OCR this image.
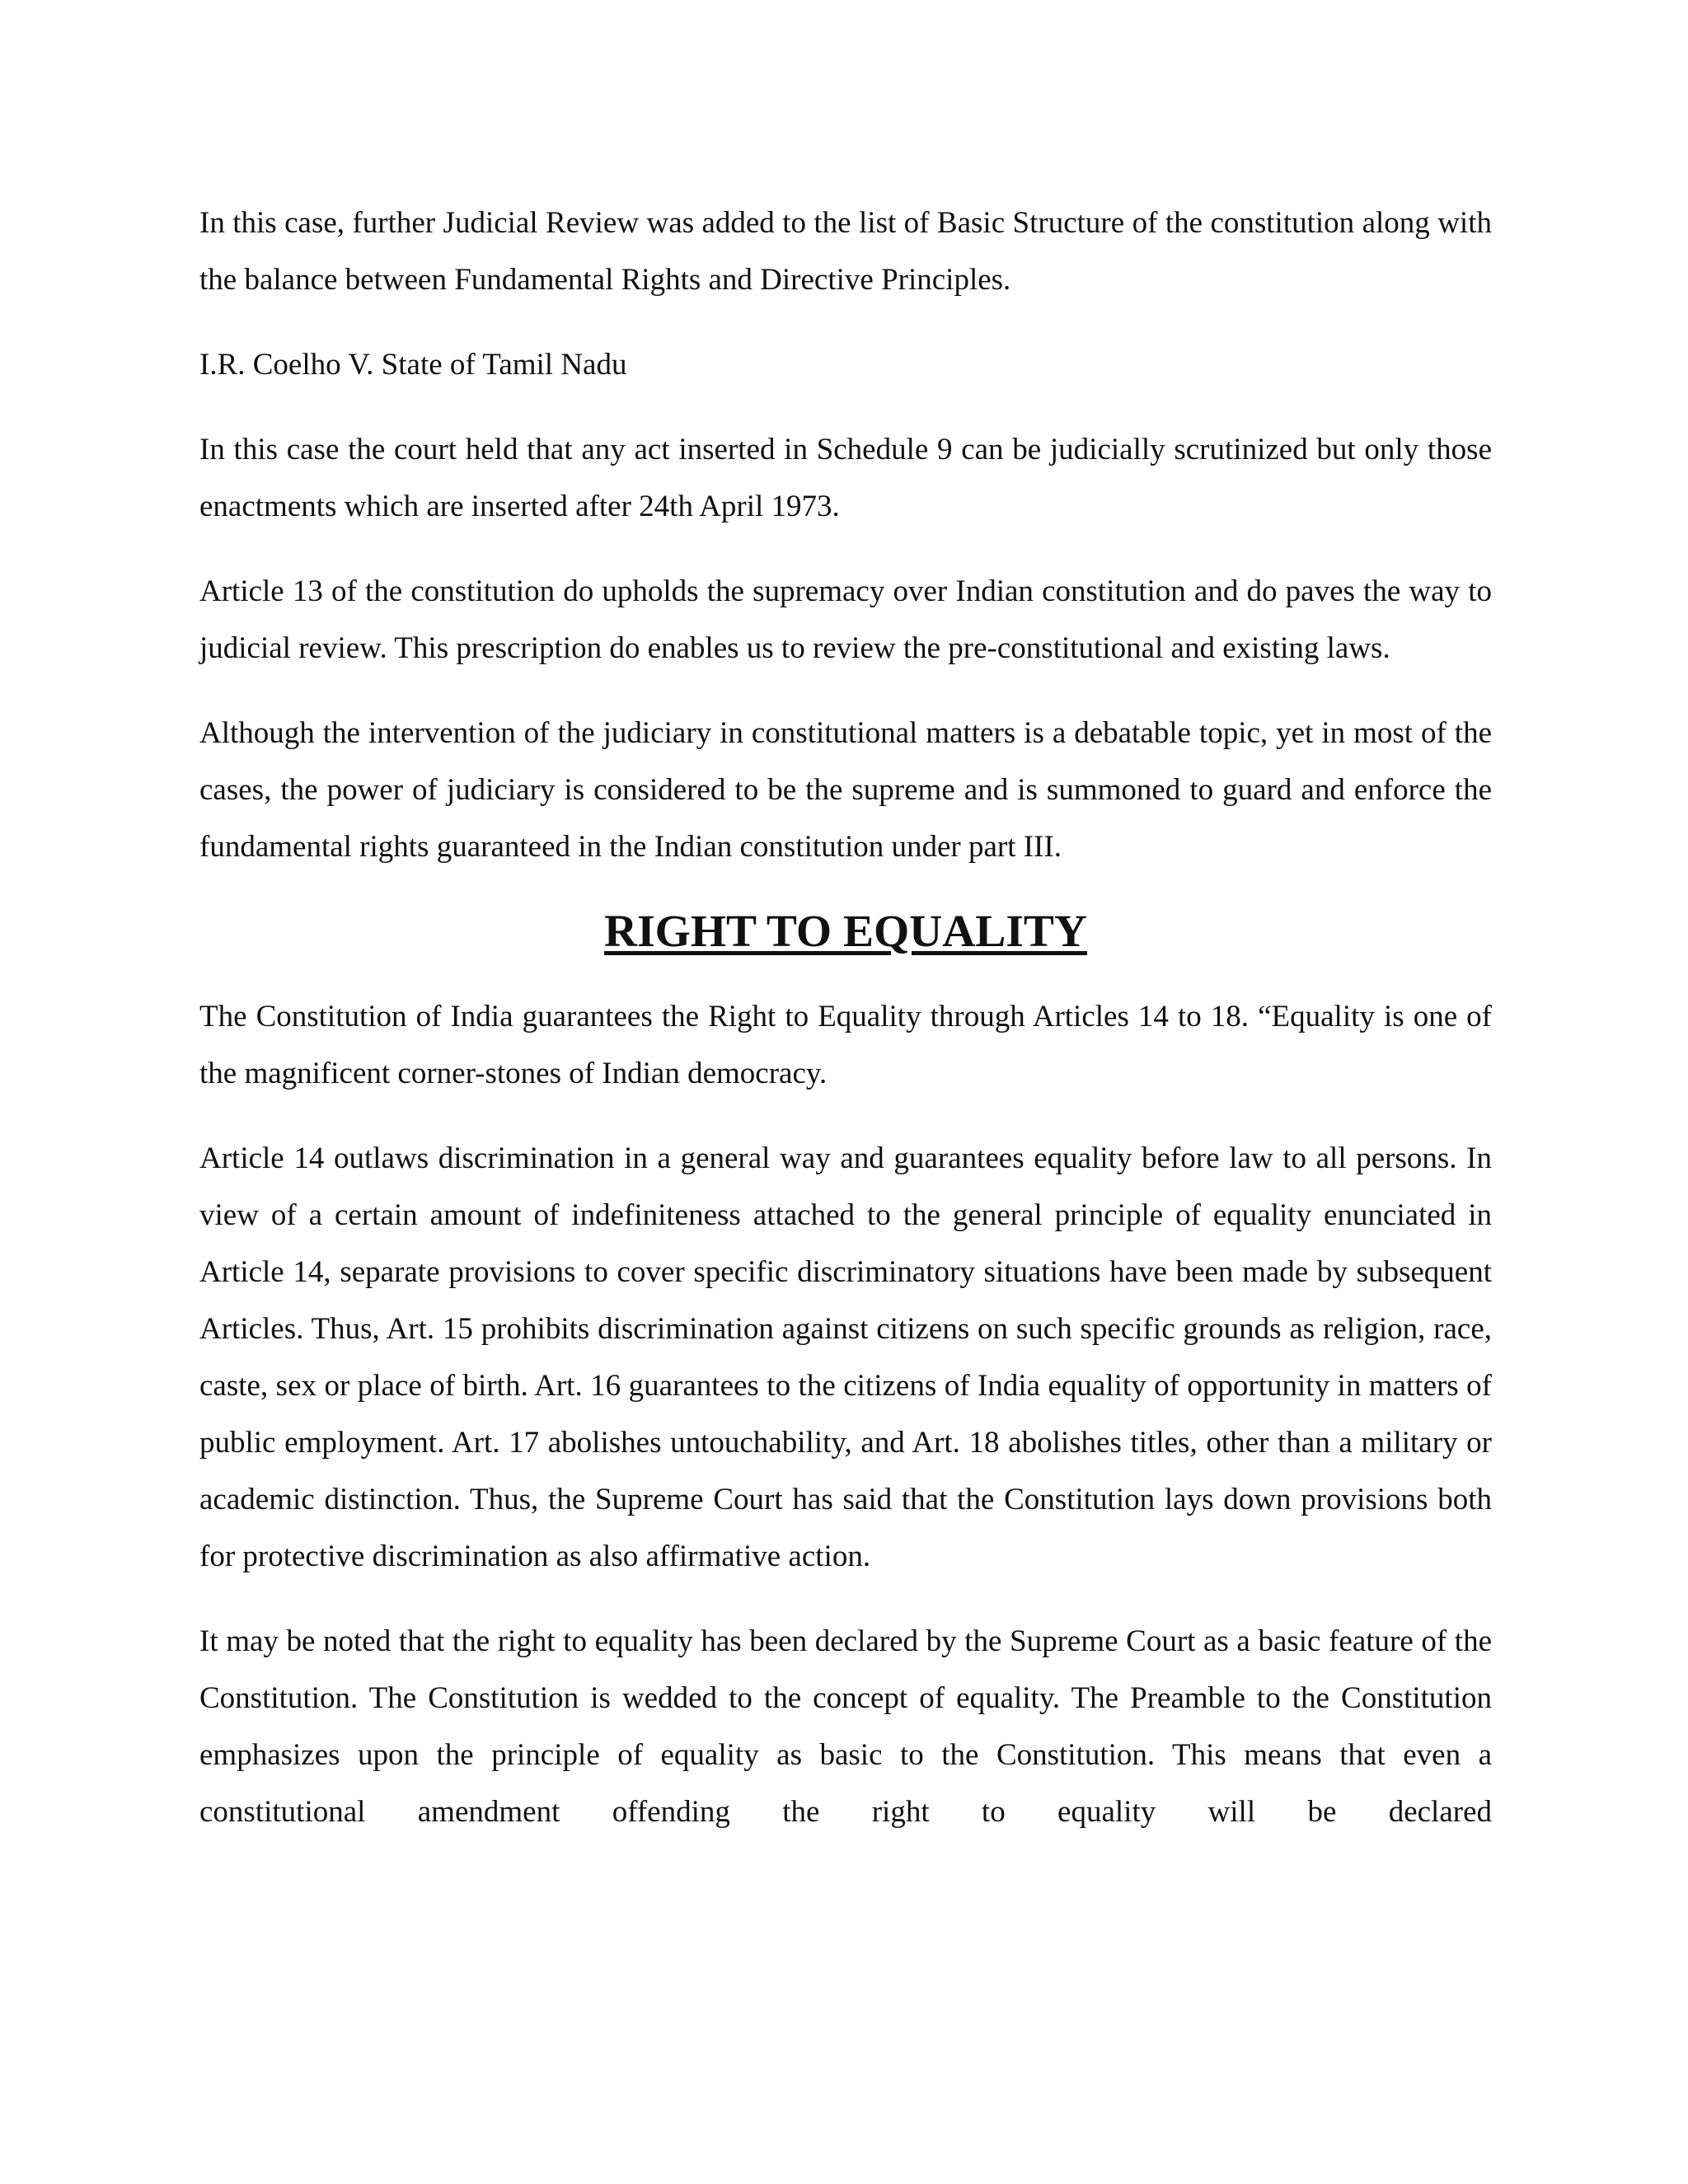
In this case, further Judicial Review was added to the list of Basic Structure of the constitution along with the balance between Fundamental Rights and Directive Principles.

I.R. Coelho V. State of Tamil Nadu

In this case the court held that any act inserted in Schedule 9 can be judicially scrutinized but only those enactments which are inserted after 24th April 1973.

Article 13 of the constitution do upholds the supremacy over Indian constitution and do paves the way to judicial review. This prescription do enables us to review the pre-constitutional and existing laws.

Although the intervention of the judiciary in constitutional matters is a debatable topic, yet in most of the cases, the power of judiciary is considered to be the supreme and is summoned to guard and enforce the fundamental rights guaranteed in the Indian constitution under part III.

RIGHT TO EQUALITY

The Constitution of India guarantees the Right to Equality through Articles 14 to 18. “Equality is one of the magnificent corner-stones of Indian democracy.

Article 14 outlaws discrimination in a general way and guarantees equality before law to all persons. In view of a certain amount of indefiniteness attached to the general principle of equality enunciated in Article 14, separate provisions to cover specific discriminatory situations have been made by subsequent Articles. Thus, Art. 15 prohibits discrimination against citizens on such specific grounds as religion, race, caste, sex or place of birth. Art. 16 guarantees to the citizens of India equality of opportunity in matters of public employment. Art. 17 abolishes untouchability, and Art. 18 abolishes titles, other than a military or academic distinction. Thus, the Supreme Court has said that the Constitution lays down provisions both for protective discrimination as also affirmative action.

It may be noted that the right to equality has been declared by the Supreme Court as a basic feature of the Constitution. The Constitution is wedded to the concept of equality. The Preamble to the Constitution emphasizes upon the principle of equality as basic to the Constitution. This means that even a constitutional amendment offending the right to equality will be declared
